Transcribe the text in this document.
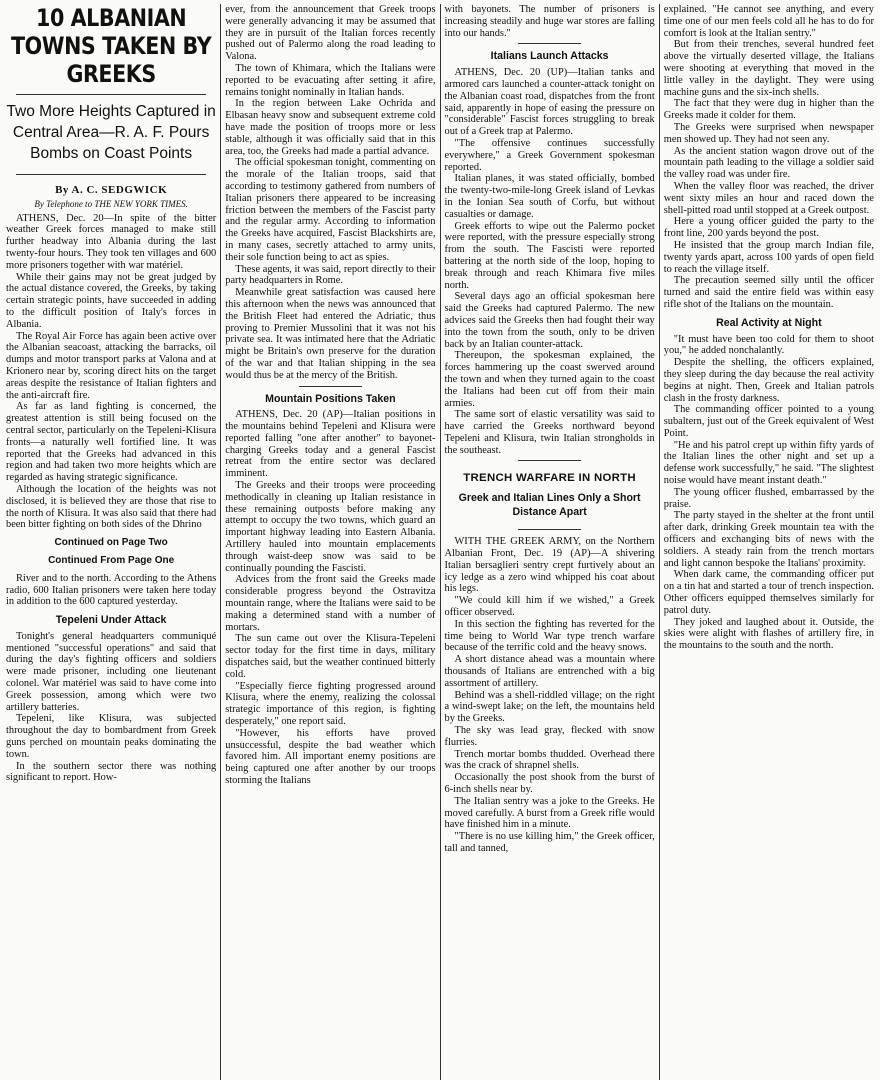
10 ALBANIAN TOWNS TAKEN BY GREEKS
Two More Heights Captured in Central Area—R. A. F. Pours Bombs on Coast Points
By A. C. SEDGWICK
By Telephone to THE NEW YORK TIMES.

ATHENS, Dec. 20—In spite of the bitter weather Greek forces managed to make still further headway into Albania during the last twenty-four hours. They took ten villages and 600 more prisoners together with war matériel.

While their gains may not be great judged by the actual distance covered, the Greeks, by taking certain strategic points, have succeeded in adding to the difficult position of Italy's forces in Albania.

The Royal Air Force has again been active over the Albanian seacoast, attacking the barracks, oil dumps and motor transport parks at Valona and at Krionero near by, scoring direct hits on the target areas despite the resistance of Italian fighters and the anti-aircraft fire.

As far as land fighting is concerned, the greatest attention is still being focused on the central sector, particularly on the Tepeleni-Klisura fronts—a naturally well fortified line. It was reported that the Greeks had advanced in this region and had taken two more heights which are regarded as having strategic significance.

Although the location of the heights was not disclosed, it is believed they are those that rise to the north of Klisura. It was also said that there had been bitter fighting on both sides of the Dhrino

Continued on Page Two
Continued From Page One

River and to the north. According to the Athens radio, 600 Italian prisoners were taken here today in addition to the 600 captured yesterday.

Tepeleni Under Attack

Tonight's general headquarters communiqué mentioned "successful operations" and said that during the day's fighting officers and soldiers were made prisoner, including one lieutenant colonel. War matériel was said to have come into Greek possession, among which were two artillery batteries.

Tepeleni, like Klisura, was subjected throughout the day to bombardment from Greek guns perched on mountain peaks dominating the town.

In the southern sector there was nothing significant to report. How-

ever, from the announcement that Greek troops were generally advancing it may be assumed that they are in pursuit of the Italian forces recently pushed out of Palermo along the road leading to Valona.

The town of Khimara, which the Italians were reported to be evacuating after setting it afire, remains tonight nominally in Italian hands.

In the region between Lake Ochrida and Elbasan heavy snow and subsequent extreme cold have made the position of troops more or less stable, although it was officially said that in this area, too, the Greeks had made a partial advance.

The official spokesman tonight, commenting on the morale of the Italian troops, said that according to testimony gathered from numbers of Italian prisoners there appeared to be increasing friction between the members of the Fascist party and the regular army. According to information the Greeks have acquired, Fascist Blackshirts are, in many cases, secretly attached to army units, their sole function being to act as spies.

These agents, it was said, report directly to their party headquarters in Rome.

Meanwhile great satisfaction was caused here this afternoon when the news was announced that the British Fleet had entered the Adriatic, thus proving to Premier Mussolini that it was not his private sea. It was intimated here that the Adriatic might be Britain's own preserve for the duration of the war and that Italian shipping in the sea would thus be at the mercy of the British.

Mountain Positions Taken

ATHENS, Dec. 20 (AP)—Italian positions in the mountains behind Tepeleni and Klisura were reported falling "one after another" to bayonet-charging Greeks today and a general Fascist retreat from the entire sector was declared imminent.

The Greeks and their troops were proceeding methodically in cleaning up Italian resistance in these remaining outposts before making any attempt to occupy the two towns, which guard an important highway leading into Eastern Albania. Artillery hauled into mountain emplacements through waist-deep snow was said to be continually pounding the Fascisti.

Advices from the front said the Greeks made considerable progress beyond the Ostravitza mountain range, where the Italians were said to be making a determined stand with a number of mortars.

The sun came out over the Klisura-Tepeleni sector today for the first time in days, military dispatches said, but the weather continued bitterly cold.

"Especially fierce fighting progressed around Klisura, where the enemy, realizing the colossal strategic importance of this region, is fighting desperately," one report said.

"However, his efforts have proved unsuccessful, despite the bad weather which favored him. All important enemy positions are being captured one after another by our troops storming the Italians

with bayonets. The number of prisoners is increasing steadily and huge war stores are falling into our hands."

Italians Launch Attacks

ATHENS, Dec. 20 (UP)—Italian tanks and armored cars launched a counter-attack tonight on the Albanian coast road, dispatches from the front said, apparently in hope of easing the pressure on "considerable" Fascist forces struggling to break out of a Greek trap at Palermo.

"The offensive continues successfully everywhere," a Greek Government spokesman reported.

Italian planes, it was stated officially, bombed the twenty-two-mile-long Greek island of Levkas in the Ionian Sea south of Corfu, but without casualties or damage.

Greek efforts to wipe out the Palermo pocket were reported, with the pressure especially strong from the south. The Fascisti were reported battering at the north side of the loop, hoping to break through and reach Khimara five miles north.

Several days ago an official spokesman here said the Greeks had captured Palermo. The new advices said the Greeks then had fought their way into the town from the south, only to be driven back by an Italian counter-attack.

Thereupon, the spokesman explained, the forces hammering up the coast swerved around the town and when they turned again to the coast the Italians had been cut off from their main armies.

The same sort of elastic versatility was said to have carried the Greeks northward beyond Tepeleni and Klisura, twin Italian strongholds in the southeast.

TRENCH WARFARE IN NORTH
Greek and Italian Lines Only a Short Distance Apart

WITH THE GREEK ARMY, on the Northern Albanian Front, Dec. 19 (AP)—A shivering Italian bersaglieri sentry crept furtively about an icy ledge as a zero wind whipped his coat about his legs.

"We could kill him if we wished," a Greek officer observed.

In this section the fighting has reverted for the time being to World War type trench warfare because of the terrific cold and the heavy snows.

A short distance ahead was a mountain where thousands of Italians are entrenched with a big assortment of artillery.

Behind was a shell-riddled village; on the right a wind-swept lake; on the left, the mountains held by the Greeks.

The sky was lead gray, flecked with snow flurries.

Trench mortar bombs thudded. Overhead there was the crack of shrapnel shells.

Occasionally the post shook from the burst of 6-inch shells near by.

The Italian sentry was a joke to the Greeks. He moved carefully. A burst from a Greek rifle would have finished him in a minute.

"There is no use killing him," the Greek officer, tall and tanned,

explained. "He cannot see anything, and every time one of our men feels cold all he has to do for comfort is look at the Italian sentry."

But from their trenches, several hundred feet above the virtually deserted village, the Italians were shooting at everything that moved in the little valley in the daylight. They were using machine guns and the six-inch shells.

The fact that they were dug in higher than the Greeks made it colder for them.

The Greeks were surprised when newspaper men showed up. They had not seen any.

As the ancient station wagon drove out of the mountain path leading to the village a soldier said the valley road was under fire.

When the valley floor was reached, the driver went sixty miles an hour and raced down the shell-pitted road until stopped at a Greek outpost.

Here a young officer guided the party to the front line, 200 yards beyond the post.

He insisted that the group march Indian file, twenty yards apart, across 100 yards of open field to reach the village itself.

The precaution seemed silly until the officer turned and said the entire field was within easy rifle shot of the Italians on the mountain.

Real Activity at Night

"It must have been too cold for them to shoot you," he added nonchalantly.

Despite the shelling, the officers explained, they sleep during the day because the real activity begins at night. Then, Greek and Italian patrols clash in the frosty darkness.

The commanding officer pointed to a young subaltern, just out of the Greek equivalent of West Point.

"He and his patrol crept up within fifty yards of the Italian lines the other night and set up a defense work successfully," he said. "The slightest noise would have meant instant death."

The young officer flushed, embarrassed by the praise.

The party stayed in the shelter at the front until after dark, drinking Greek mountain tea with the officers and exchanging bits of news with the soldiers. A steady rain from the trench mortars and light cannon bespoke the Italians' proximity.

When dark came, the commanding officer put on a tin hat and started a tour of trench inspection. Other officers equipped themselves similarly for patrol duty.

They joked and laughed about it. Outside, the skies were alight with flashes of artillery fire, in the mountains to the south and the north.
